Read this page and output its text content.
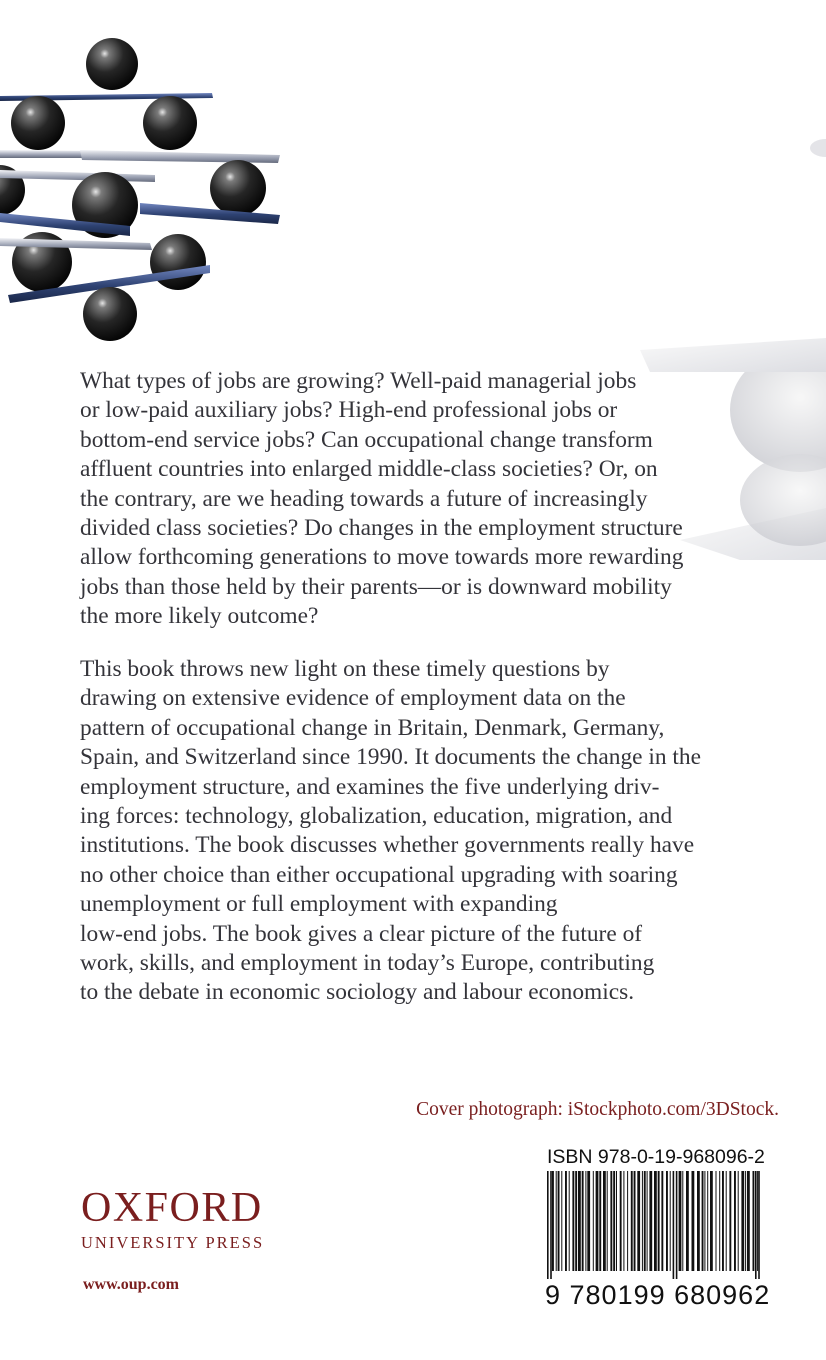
What types of jobs are growing? Well-paid managerial jobs
or low-paid auxiliary jobs? High-end professional jobs or
bottom-end service jobs? Can occupational change transform
affluent countries into enlarged middle-class societies? Or, on
the contrary, are we heading towards a future of increasingly
divided class societies? Do changes in the employment structure
allow forthcoming generations to move towards more rewarding
jobs than those held by their parents—or is downward mobility
the more likely outcome?
This book throws new light on these timely questions by
drawing on extensive evidence of employment data on the
pattern of occupational change in Britain, Denmark, Germany,
Spain, and Switzerland since 1990. It documents the change in the
employment structure, and examines the five underlying driv-
ing forces: technology, globalization, education, migration, and
institutions. The book discusses whether governments really have
no other choice than either occupational upgrading with soaring
unemployment or full employment with expanding
low-end jobs. The book gives a clear picture of the future of
work, skills, and employment in today’s Europe, contributing
to the debate in economic sociology and labour economics.
Cover photograph: iStockphoto.com/3DStock.
OXFORD
UNIVERSITY PRESS
www.oup.com
ISBN 978-0-19-968096-2
9 780199 680962
